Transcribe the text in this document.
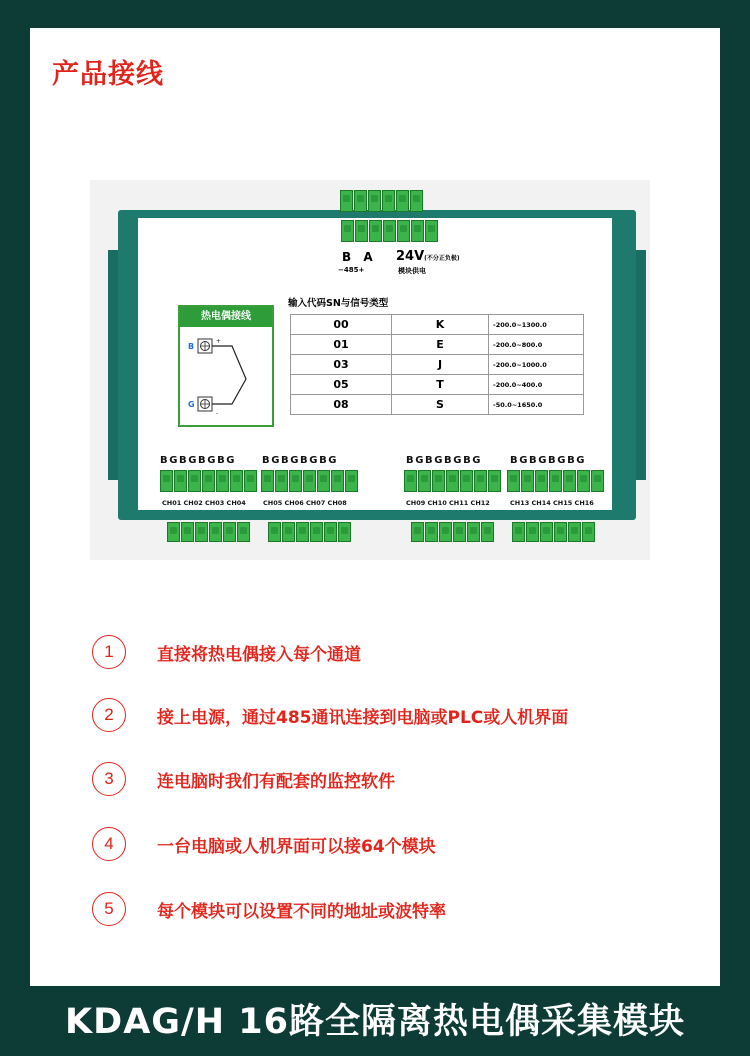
产品接线
B A
−485+
24V(不分正负极)
模块供电
输入代码SN与信号类型
00	K	-200.0~1300.0
01	E	-200.0~800.0
03	J	-200.0~1000.0
05	T	-200.0~400.0
08	S	-50.0~1650.0
BGBGBGBG	BGBGBGBG	BGBGBGBG	BGBGBGBG
CH01 CH02 CH03 CH04	CH05 CH06 CH07 CH08	CH09 CH10 CH11 CH12	CH13 CH14 CH15 CH16
热电偶接线
B
G
+
-
1	直接将热电偶接入每个通道
2	接上电源，通过485通讯连接到电脑或PLC或人机界面
3	连电脑时我们有配套的监控软件
4	一台电脑或人机界面可以接64个模块
5	每个模块可以设置不同的地址或波特率
KDAG/H 16路全隔离热电偶采集模块
